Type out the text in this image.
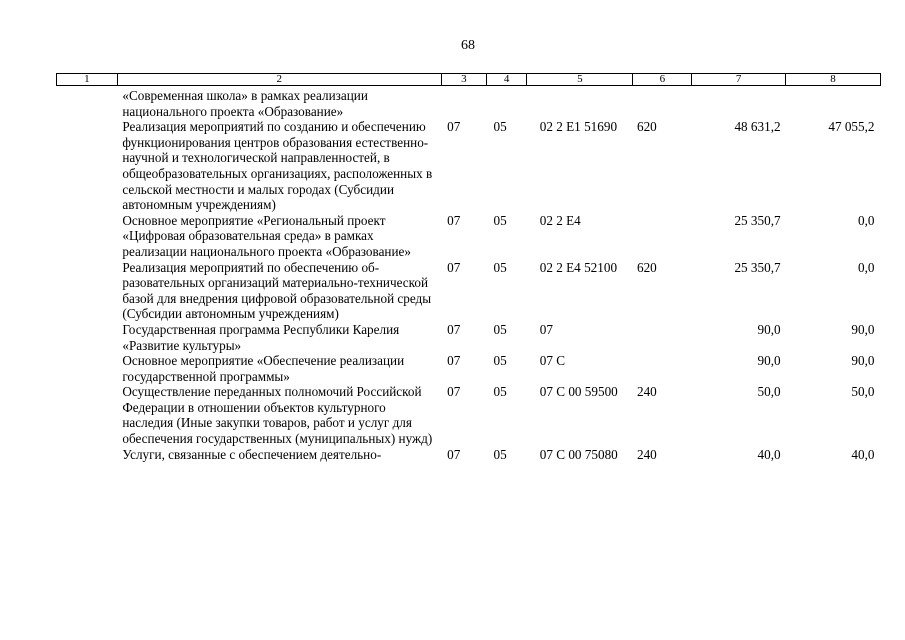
68
1	2	3	4	5	6	7	8
	«Современная школа» в рамках реализации национального проекта «Образование»						
	Реализация мероприятий по созданию и обеспечению функционирования центров образования естественно-научной и технологической направленностей, в общеобразовательных организациях, расположенных в сельской местности и малых городах (Субсидии автономным учреждениям)	07	05	02 2 E1 51690	620	48 631,2	47 055,2
	Основное мероприятие «Региональный проект «Цифровая образовательная среда» в рамках реализации национального проекта «Образование»	07	05	02 2 E4		25 350,7	0,0
	Реализация мероприятий по обеспечению образовательных организаций материально-технической базой для внедрения цифровой образовательной среды (Субсидии автономным учреждениям)	07	05	02 2 E4 52100	620	25 350,7	0,0
	Государственная программа Республики Карелия «Развитие культуры»	07	05	07		90,0	90,0
	Основное мероприятие «Обеспечение реализации государственной программы»	07	05	07 С		90,0	90,0
	Осуществление переданных полномочий Российской Федерации в отношении объектов культурного наследия (Иные закупки товаров, работ и услуг для обеспечения государственных (муниципальных) нужд)	07	05	07 С 00 59500	240	50,0	50,0
	Услуги, связанные с обеспечением деятельно-	07	05	07 С 00 75080	240	40,0	40,0
